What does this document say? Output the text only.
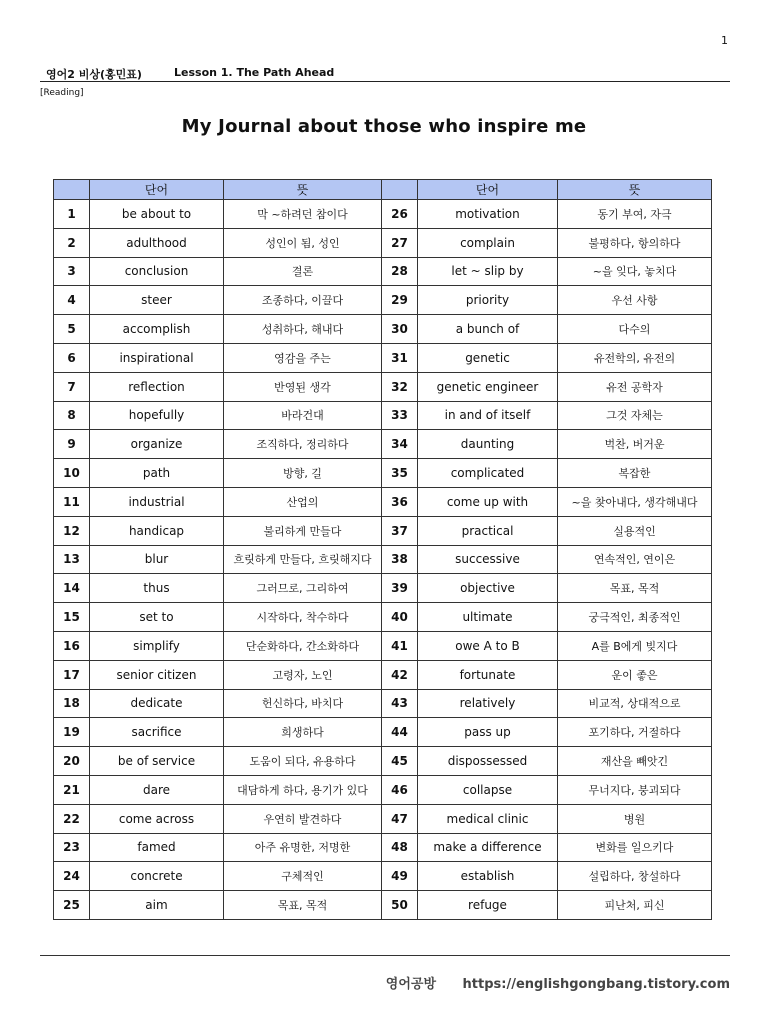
1
영어2 비상(홍민표)	Lesson 1. The Path Ahead
[Reading]
My Journal about those who inspire me
	단어	뜻		단어	뜻
1	be about to	막 ~하려던 참이다	26	motivation	동기 부여, 자극
2	adulthood	성인이 됨, 성인	27	complain	불평하다, 항의하다
3	conclusion	결론	28	let ~ slip by	~을 잊다, 놓치다
4	steer	조종하다, 이끌다	29	priority	우선 사항
5	accomplish	성취하다, 해내다	30	a bunch of	다수의
6	inspirational	영감을 주는	31	genetic	유전학의, 유전의
7	reflection	반영된 생각	32	genetic engineer	유전 공학자
8	hopefully	바라건대	33	in and of itself	그것 자체는
9	organize	조직하다, 정리하다	34	daunting	벅찬, 버거운
10	path	방향, 길	35	complicated	복잡한
11	industrial	산업의	36	come up with	~을 찾아내다, 생각해내다
12	handicap	불리하게 만들다	37	practical	실용적인
13	blur	흐릿하게 만들다, 흐릿해지다	38	successive	연속적인, 연이은
14	thus	그러므로, 그리하여	39	objective	목표, 목적
15	set to	시작하다, 착수하다	40	ultimate	궁극적인, 최종적인
16	simplify	단순화하다, 간소화하다	41	owe A to B	A를 B에게 빚지다
17	senior citizen	고령자, 노인	42	fortunate	운이 좋은
18	dedicate	헌신하다, 바치다	43	relatively	비교적, 상대적으로
19	sacrifice	희생하다	44	pass up	포기하다, 거절하다
20	be of service	도움이 되다, 유용하다	45	dispossessed	재산을 빼앗긴
21	dare	대담하게 하다, 용기가 있다	46	collapse	무너지다, 붕괴되다
22	come across	우연히 발견하다	47	medical clinic	병원
23	famed	아주 유명한, 저명한	48	make a difference	변화를 일으키다
24	concrete	구체적인	49	establish	설립하다, 창설하다
25	aim	목표, 목적	50	refuge	피난처, 피신
영어공방 https://englishgongbang.tistory.com
